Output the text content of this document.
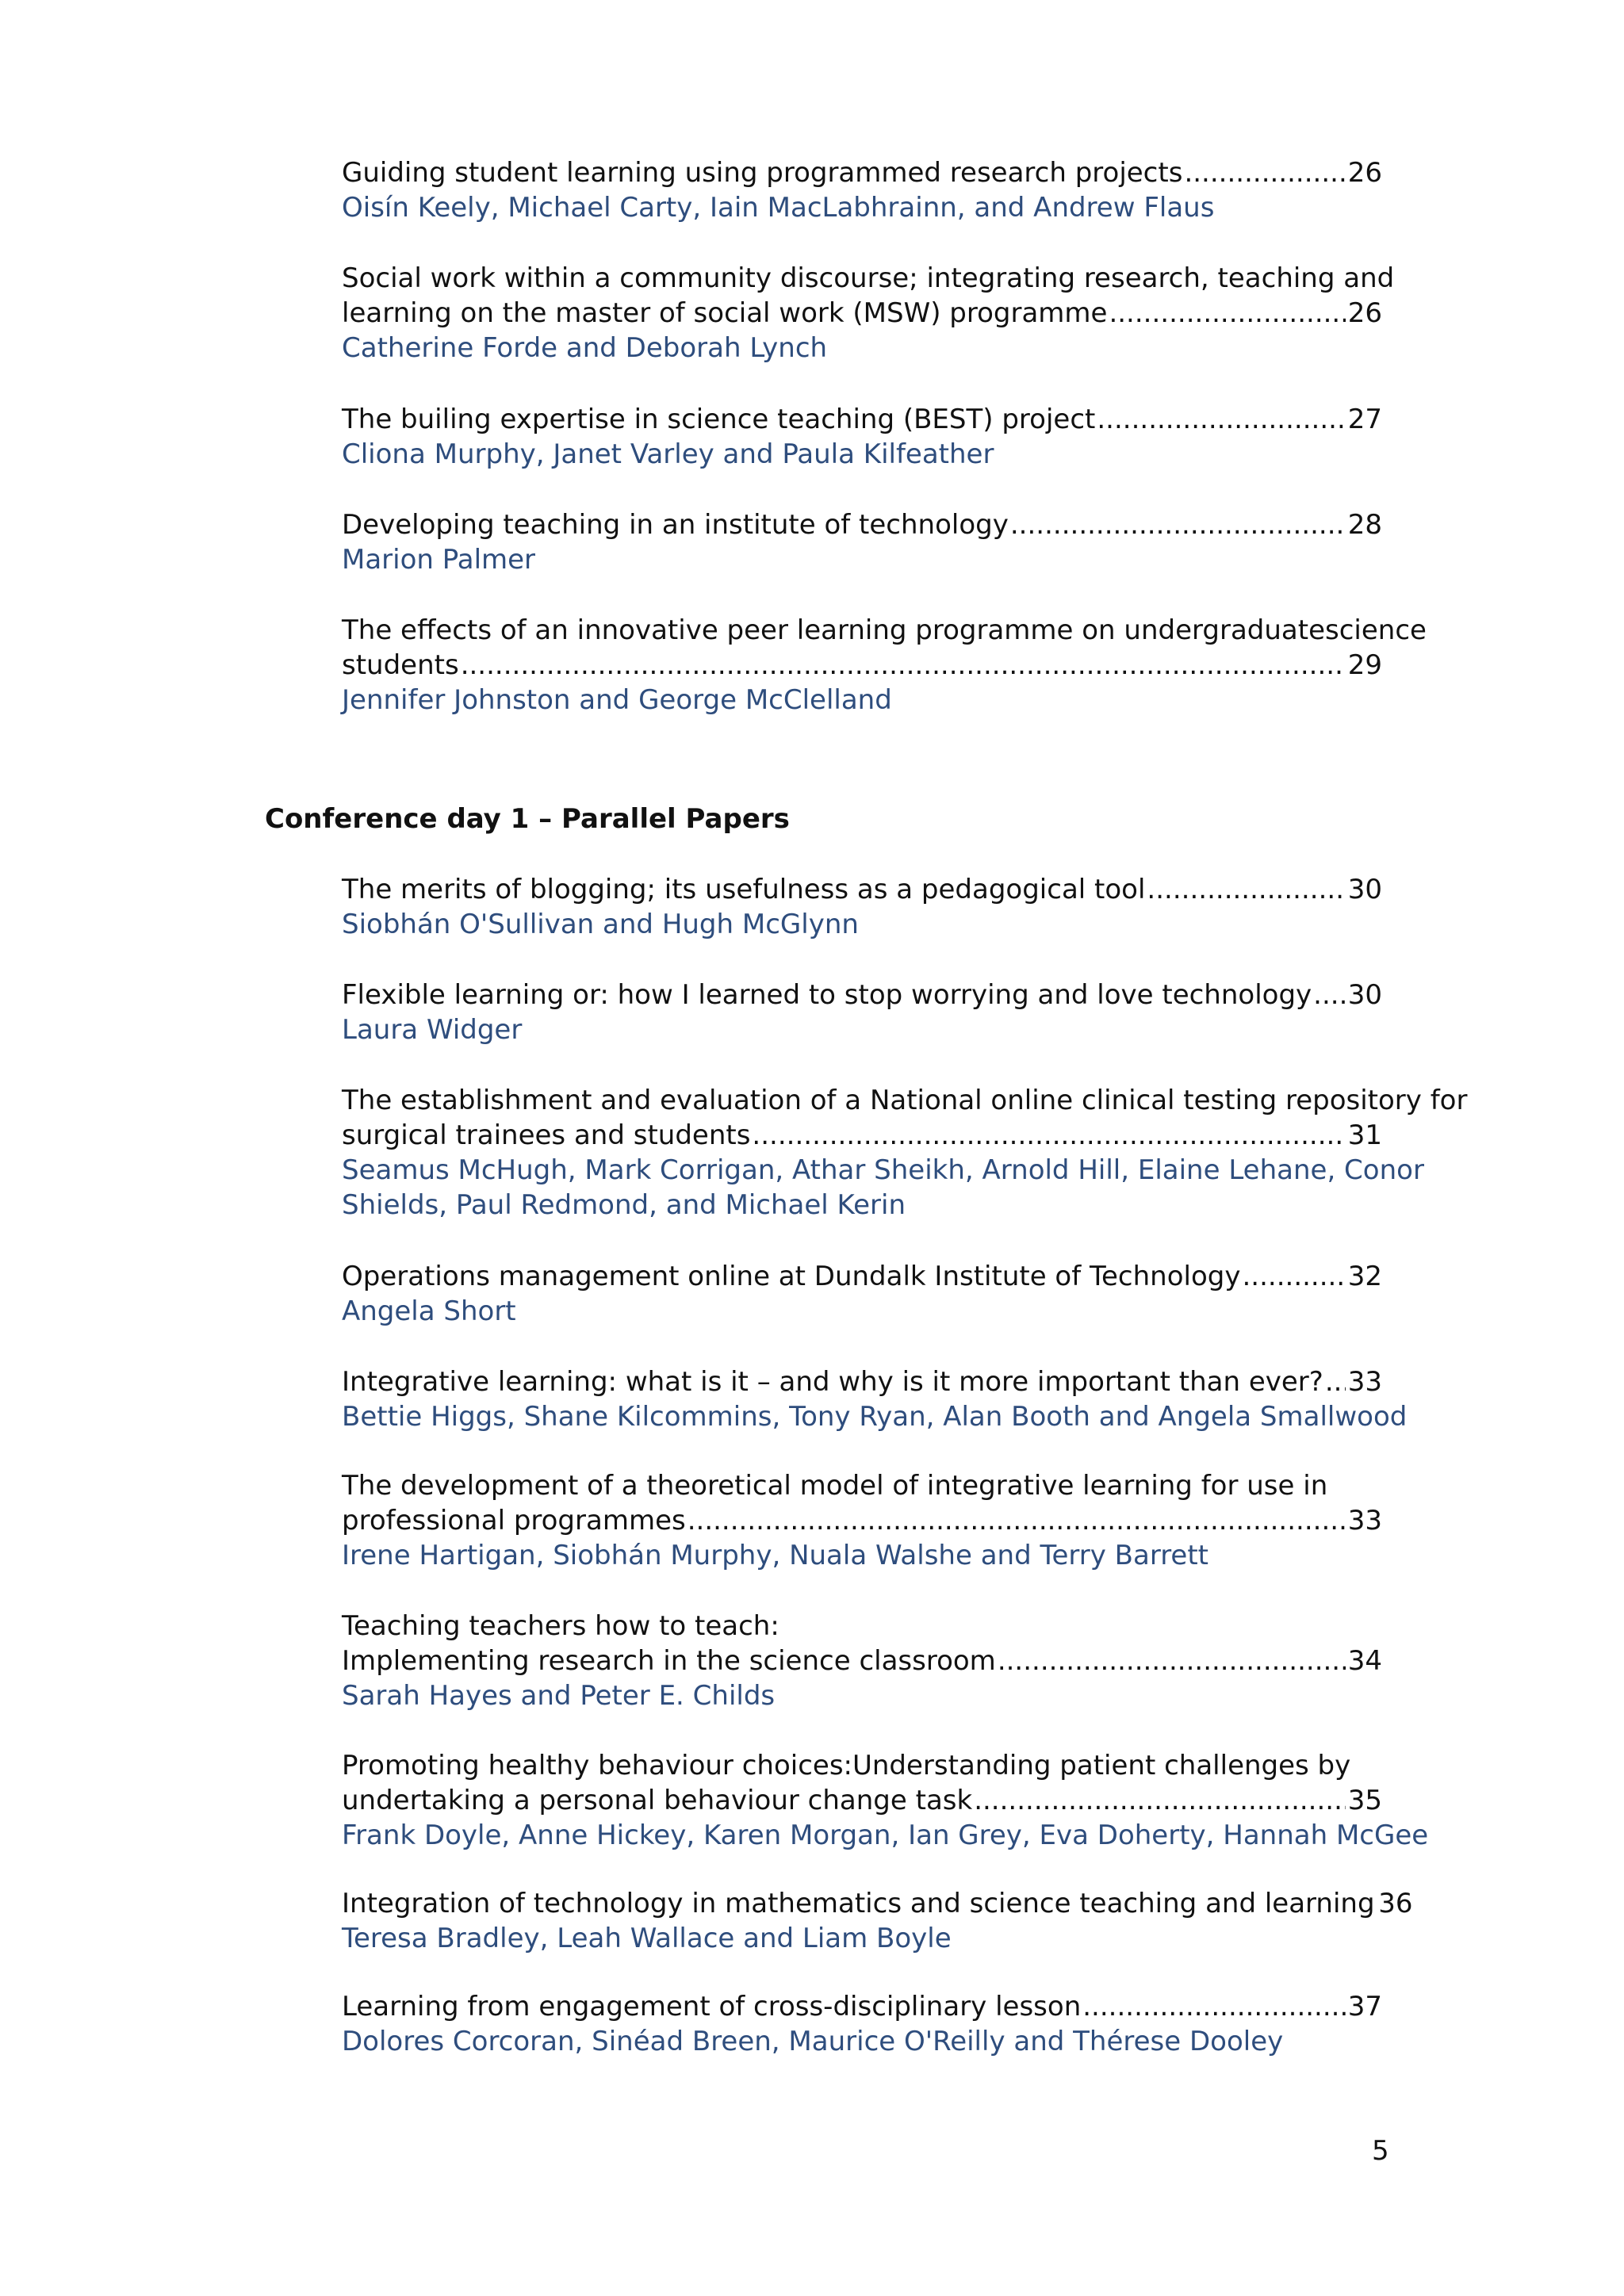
Guiding student learning using programmed research projects .....	26
Oisín Keely, Michael Carty, Iain MacLabhrainn, and Andrew Flaus
Social work within a community discourse; integrating research, teaching and
learning on the master of social work (MSW) programme .....	26
Catherine Forde and Deborah Lynch
The builing expertise in science teaching (BEST) project .....	27
Cliona Murphy, Janet Varley and Paula Kilfeather
Developing teaching in an institute of technology .....	28
Marion Palmer
The effects of an innovative peer learning programme on undergraduate science
students .....	29
Jennifer Johnston and George McClelland
Conference day 1 – Parallel Papers
The merits of blogging; its usefulness as a pedagogical tool .....	30
Siobhán O'Sullivan and Hugh McGlynn
Flexible learning or: how I learned to stop worrying and love technology ..... 30
Laura Widger
The establishment and evaluation of a National online clinical testing repository for
surgical trainees and students .....	31
Seamus McHugh, Mark Corrigan, Athar Sheikh, Arnold Hill, Elaine Lehane, Conor
Shields, Paul Redmond, and Michael Kerin
Operations management online at Dundalk Institute of Technology .....	32
Angela Short
Integrative learning: what is it – and why is it more important than ever? ..... 33
Bettie Higgs, Shane Kilcommins, Tony Ryan, Alan Booth and Angela Smallwood
The development of a theoretical model of integrative learning for use in
professional programmes .....	33
Irene Hartigan, Siobhán Murphy, Nuala Walshe and Terry Barrett
Teaching teachers how to teach:
Implementing research in the science classroom .....	34
Sarah Hayes and Peter E. Childs
Promoting healthy behaviour choices:Understanding patient challenges by
undertaking a personal behaviour change task .....	35
Frank Doyle, Anne Hickey, Karen Morgan, Ian Grey, Eva Doherty, Hannah McGee
Integration of technology in mathematics and science teaching and learning 36
Teresa Bradley, Leah Wallace and Liam Boyle
Learning from engagement of cross-disciplinary lesson .....	37
Dolores Corcoran, Sinéad Breen, Maurice O'Reilly and Thérese Dooley
5
